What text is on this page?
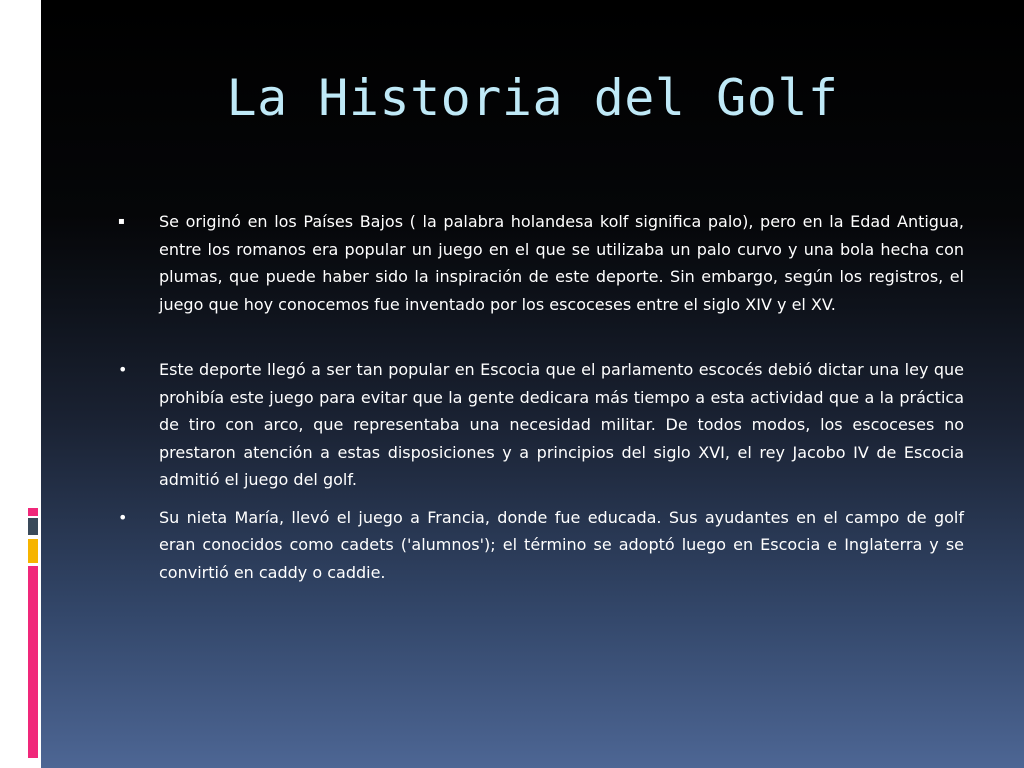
La Historia del Golf
▪	Se originó en los Países Bajos ( la palabra holandesa kolf significa palo), pero en la Edad Antigua, entre los romanos era popular un juego en el que se utilizaba un palo curvo y una bola hecha con plumas, que puede haber sido la inspiración de este deporte. Sin embargo, según los registros, el juego que hoy conocemos fue inventado por los escoceses entre el siglo XIV y el XV.
•	Este deporte llegó a ser tan popular en Escocia que el parlamento escocés debió dictar una ley que prohibía este juego para evitar que la gente dedicara más tiempo a esta actividad que a la práctica de tiro con arco, que representaba una necesidad militar. De todos modos, los escoceses no prestaron atención a estas disposiciones y a principios del siglo XVI, el rey Jacobo IV de Escocia admitió el juego del golf.
•	Su nieta María, llevó el juego a Francia, donde fue educada. Sus ayudantes en el campo de golf eran conocidos como cadets ('alumnos'); el término se adoptó luego en Escocia e Inglaterra y se convirtió en caddy o caddie.
